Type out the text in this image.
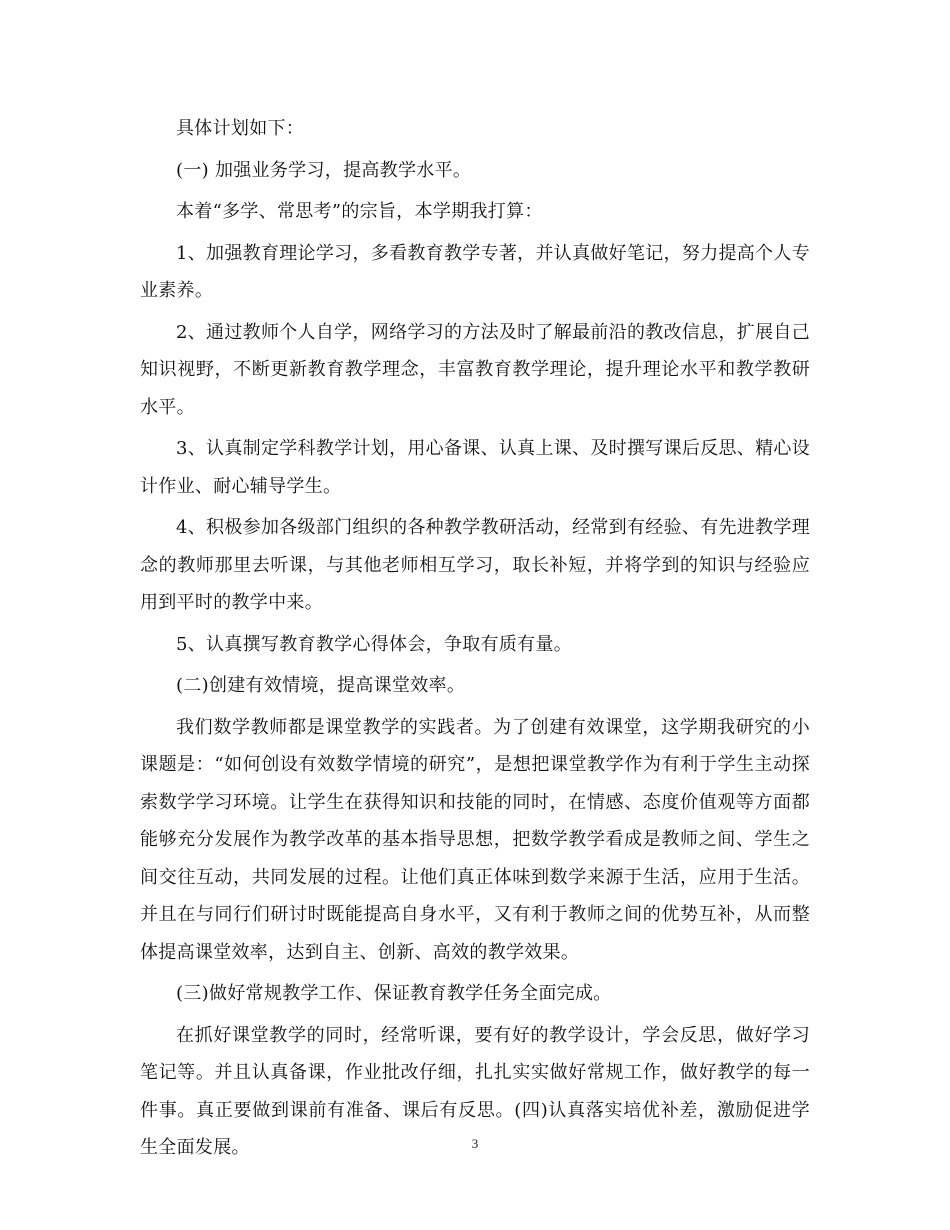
具体计划如下：

(一) 加强业务学习，提高教学水平。

本着“多学、常思考”的宗旨，本学期我打算：

1、加强教育理论学习，多看教育教学专著，并认真做好笔记，努力提高个人专业素养。

2、通过教师个人自学，网络学习的方法及时了解最前沿的教改信息，扩展自己知识视野，不断更新教育教学理念，丰富教育教学理论，提升理论水平和教学教研水平。

3、认真制定学科教学计划，用心备课、认真上课、及时撰写课后反思、精心设计作业、耐心辅导学生。

4、积极参加各级部门组织的各种教学教研活动，经常到有经验、有先进教学理念的教师那里去听课，与其他老师相互学习，取长补短，并将学到的知识与经验应用到平时的教学中来。

5、认真撰写教育教学心得体会，争取有质有量。

(二)创建有效情境，提高课堂效率。

我们数学教师都是课堂教学的实践者。为了创建有效课堂，这学期我研究的小课题是：“如何创设有效数学情境的研究”，是想把课堂教学作为有利于学生主动探索数学学习环境。让学生在获得知识和技能的同时，在情感、态度价值观等方面都能够充分发展作为教学改革的基本指导思想，把数学教学看成是教师之间、学生之间交往互动，共同发展的过程。让他们真正体味到数学来源于生活，应用于生活。并且在与同行们研讨时既能提高自身水平，又有利于教师之间的优势互补，从而整体提高课堂效率，达到自主、创新、高效的教学效果。

(三)做好常规教学工作、保证教育教学任务全面完成。

在抓好课堂教学的同时，经常听课，要有好的教学设计，学会反思，做好学习笔记等。并且认真备课，作业批改仔细，扎扎实实做好常规工作，做好教学的每一件事。真正要做到课前有准备、课后有反思。(四)认真落实培优补差，激励促进学生全面发展。	3
